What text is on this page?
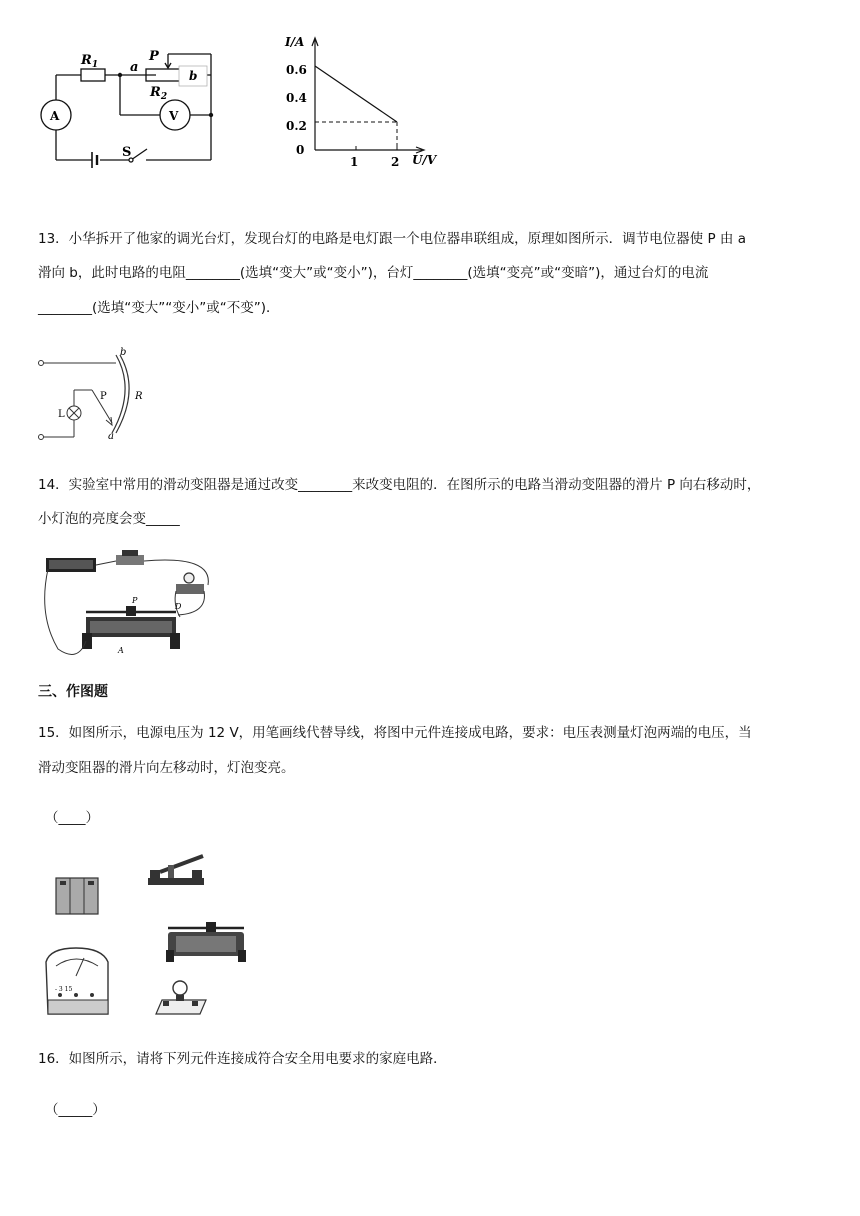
$R_1$ a
P
b
$R_2$
A	V
S
I/A
U/V
0.6
0.4
0.2
0
1	2

13．小华拆开了他家的调光台灯，发现台灯的电路是电灯跟一个电位器串联组成，原理如图所示．调节电位器使 P 由 a

滑向 b，此时电路的电阻________(选填“变大”或“变小”)，台灯________(选填“变亮”或“变暗”)，通过台灯的电流

________(选填“变大”“变小”或“不变”)．

b
R
P
L
a

14．实验室中常用的滑动变阻器是通过改变________来改变电阻的．在图所示的电路当滑动变阻器的滑片 P 向右移动时，

小灯泡的亮度会变_____

P
A
D

三、作图题

15．如图所示，电源电压为 12 V，用笔画线代替导线，将图中元件连接成电路，要求：电压表测量灯泡两端的电压，当

滑动变阻器的滑片向左移动时，灯泡变亮。

（____）
- 3 15

16．如图所示，请将下列元件连接成符合安全用电要求的家庭电路．

（_____）
